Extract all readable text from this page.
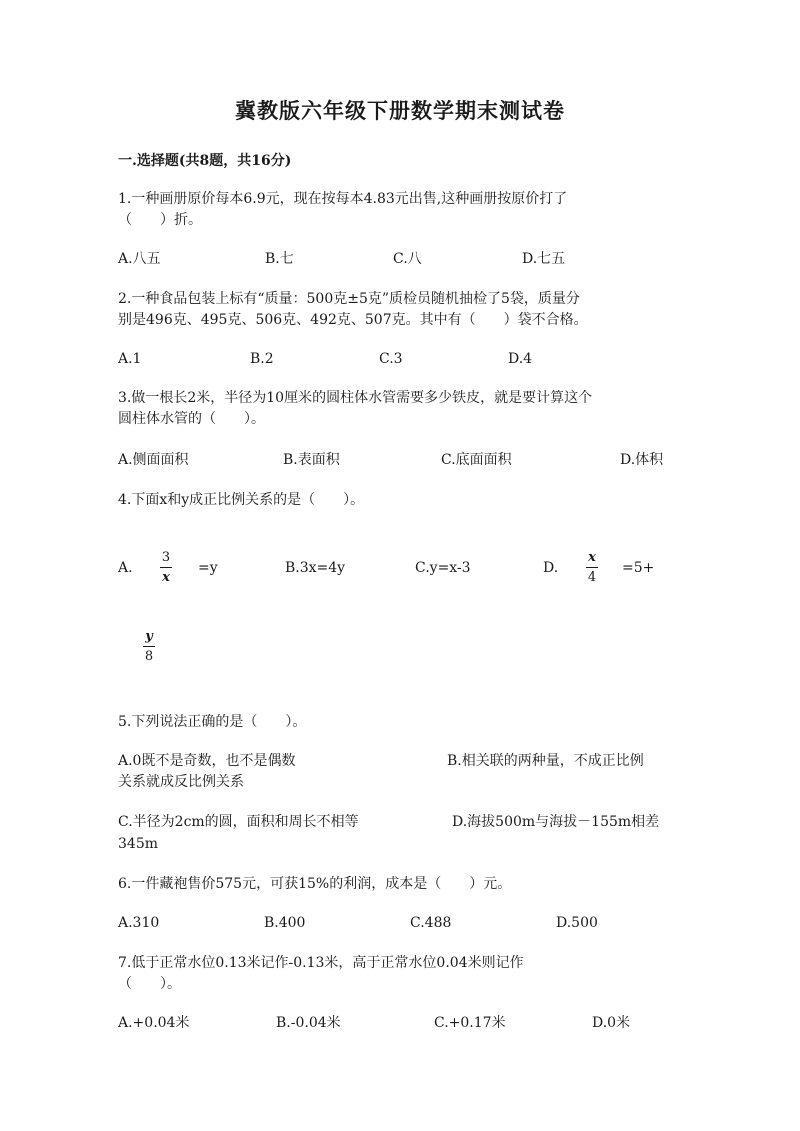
冀教版六年级下册数学期末测试卷
一.选择题(共8题，共16分)
1.一种画册原价每本6.9元，现在按每本4.83元出售,这种画册按原价打了
（　　）折。
A.八五	B.七	C.八	D.七五
2.一种食品包装上标有“质量：500克±5克”质检员随机抽检了5袋，质量分
别是496克、495克、506克、492克、507克。其中有（　　）袋不合格。
A.1	B.2	C.3	D.4
3.做一根长2米，半径为10厘米的圆柱体水管需要多少铁皮，就是要计算这个
圆柱体水管的（　　）。
A.侧面面积	B.表面积	C.底面面积	D.体积
4.下面x和y成正比例关系的是（　　）。
A.
3
x
=y	B.3x=4y	C.y=x-3	D.
x
4
=5+
y
8
5.下列说法正确的是（　　）。
A.0既不是奇数，也不是偶数	B.相关联的两种量，不成正比例
关系就成反比例关系
C.半径为2cm的圆，面积和周长不相等	D.海拔500m与海拔－155m相差
345m
6.一件藏袍售价575元，可获15%的利润，成本是（　　）元。
A.310	B.400	C.488	D.500
7.低于正常水位0.13米记作-0.13米，高于正常水位0.04米则记作
（　　）。
A.+0.04米	B.-0.04米	C.+0.17米	D.0米
